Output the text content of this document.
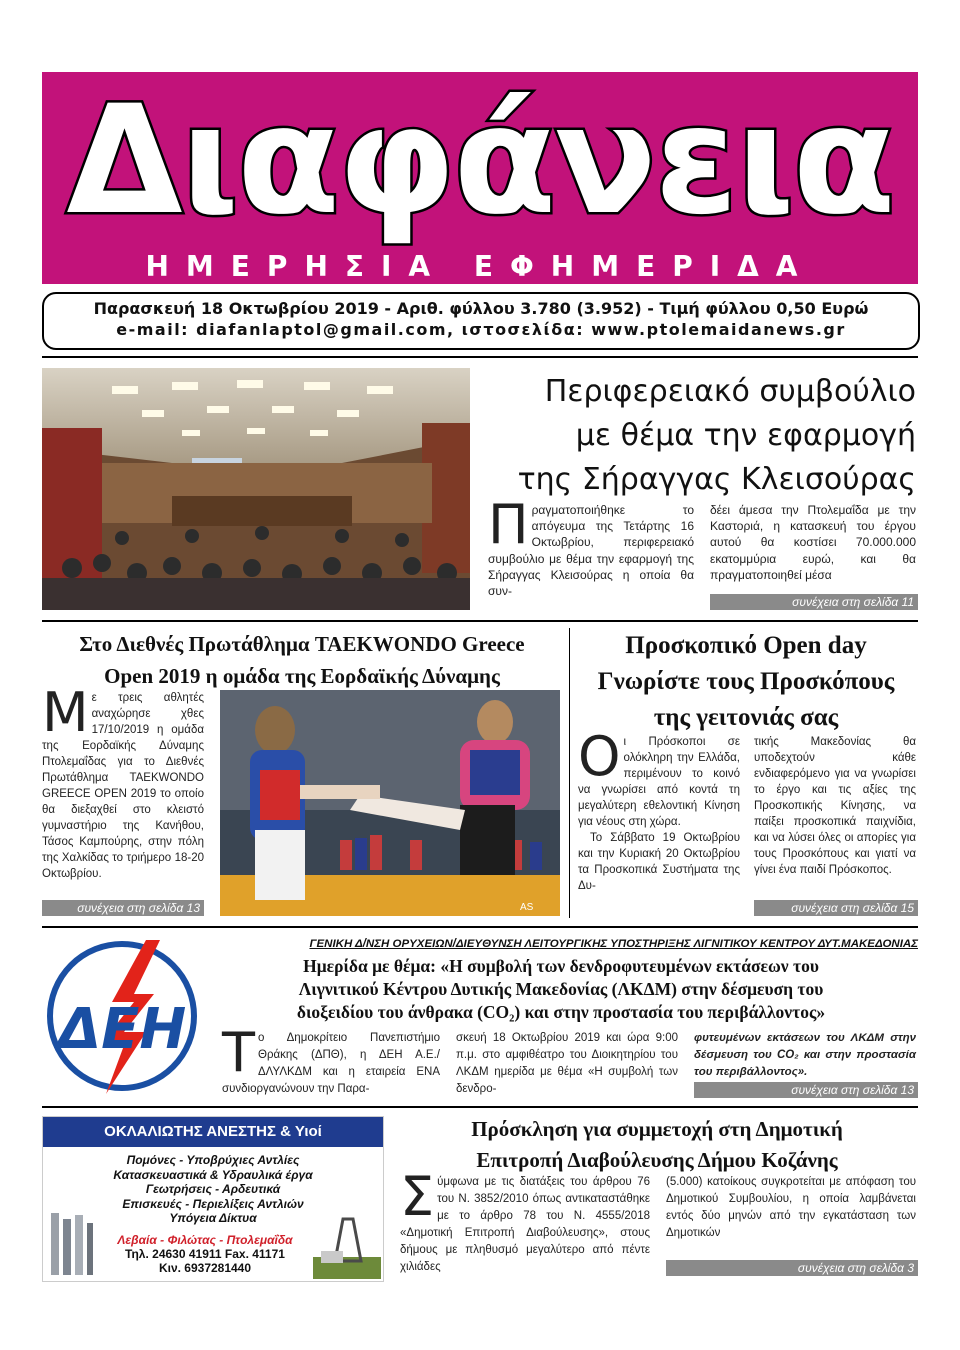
Διαφάνεια
ΗΜΕΡΗΣΙΑ ΕΦΗΜΕΡΙΔΑ
Παρασκευή 18 Οκτωβρίου 2019 - Αριθ. φύλλου 3.780 (3.952) - Τιμή φύλλου 0,50 Ευρώ
e-mail: diafanlaptol@gmail.com, ιστοσελίδα: www.ptolemaidanews.gr
Περιφερειακό συμβούλιο
με θέμα την εφαρμογή
της Σήραγγας Κλεισούρας
Πραγματοποιήθηκε το απόγευμα της Τετάρτης 16 Οκτωβρίου, περιφερειακό συμβούλιο με θέμα την εφαρμογή της Σήραγγας Κλεισούρας η οποία θα συν-
δέει άμεσα την Πτολεμαΐδα με την Καστοριά, η κατασκευή του έργου αυτού θα κοστίσει 70.000.000 εκατομμύρια ευρώ, και θα πραγματοποιηθεί μέσα
συνέχεια στη σελίδα 11
Στο Διεθνές Πρωτάθλημα TAEKWONDO Greece
Open 2019 η ομάδα της Εορδαϊκής Δύναμης
Με τρεις αθλητές αναχώρησε χθες 17/10/2019 η ομάδα της Εορδαϊκής Δύναμης Πτολεμαΐδας για το Διεθνές Πρωτάθλημα TAEKWONDO GREECE OPEN 2019 το οποίο θα διεξαχθεί στο κλειστό γυμναστήριο της Κανήθου, Τάσος Καμπούρης, στην πόλη της Χαλκίδας το τριήμερο 18-20 Οκτωβρίου.
συνέχεια στη σελίδα 13	AS
Προσκοπικό Open day
Γνωρίστε τους Προσκόπους
της γειτονιάς σας
Οι Πρόσκοποι σε ολόκληρη την Ελλάδα, περιμένουν το κοινό να γνωρίσει από κοντά τη μεγαλύτερη εθελοντική Κίνηση για νέους στη χώρα.
Το Σάββατο 19 Οκτωβρίου και την Κυριακή 20 Οκτωβρίου τα Προσκοπικά Συστήματα της Δυ-
τικής Μακεδονίας θα υποδεχτούν κάθε ενδιαφερόμενο για να γνωρίσει το έργο και τις αξίες της Προσκοπικής Κίνησης, να παίξει προσκοπικά παιχνίδια, και να λύσει όλες οι απορίες για τους Προσκόπους και γιατί να γίνει ένα παιδί Πρόσκοπος.
συνέχεια στη σελίδα 15
ΔΕΗ
ΓΕΝΙΚΗ Δ/ΝΣΗ ΟΡΥΧΕΙΩΝ/ΔΙΕΥΘΥΝΣΗ ΛΕΙΤΟΥΡΓΙΚΗΣ ΥΠΟΣΤΗΡΙΞΗΣ ΛΙΓΝΙΤΙΚΟΥ ΚΕΝΤΡΟΥ ΔΥΤ.ΜΑΚΕΔΟΝΙΑΣ
Ημερίδα με θέμα: «Η συμβολή των δενδροφυτευμένων εκτάσεων του
Λιγνιτικού Κέντρου Δυτικής Μακεδονίας (ΛΚΔΜ) στην δέσμευση του
διοξειδίου του άνθρακα (CO₂) και στην προστασία του περιβάλλοντος»
Το Δημοκρίτειο Πανεπιστήμιο Θράκης (ΔΠΘ), η ΔΕΗ Α.Ε./ΔΛΥΛΚΔΜ και η εταιρεία ΕΝΑ συνδιοργανώνουν την Παρα-
σκευή 18 Οκτωβρίου 2019 και ώρα 9:00 π.μ. στο αμφιθέατρο του Διοικητηρίου του ΛΚΔΜ ημερίδα με θέμα «Η συμβολή των δενδρο-
φυτευμένων εκτάσεων του ΛΚΔΜ στην δέσμευση του CO₂ και στην προστασία του περιβάλλοντος».
συνέχεια στη σελίδα 13
ΟΚΛΑΛΙΩΤΗΣ ΑΝΕΣΤΗΣ & Υιοί
Πομόνες - Υποβρύχιες Αντλίες
Κατασκευαστικά & Υδραυλικά έργα
Γεωτρήσεις - Αρδευτικά
Επισκευές - Περιελίξεις Αντλιών
Υπόγεια Δίκτυα
Λεβαία - Φιλώτας - Πτολεμαΐδα
Τηλ. 24630 41911 Fax. 41171
Κιν. 6937281440
Πρόσκληση για συμμετοχή στη Δημοτική
Επιτροπή Διαβούλευσης Δήμου Κοζάνης
Σύμφωνα με τις διατάξεις του άρθρου 76 του Ν. 3852/2010 όπως αντικαταστάθηκε με το άρθρο 78 του Ν. 4555/2018 «Δημοτική Επιτροπή Διαβούλευσης», στους δήμους με πληθυσμό μεγαλύτερο από πέντε χιλιάδες
(5.000) κατοίκους συγκροτείται με απόφαση του Δημοτικού Συμβουλίου, η οποία λαμβάνεται εντός δύο μηνών από την εγκατάσταση των Δημοτικών
συνέχεια στη σελίδα 3
